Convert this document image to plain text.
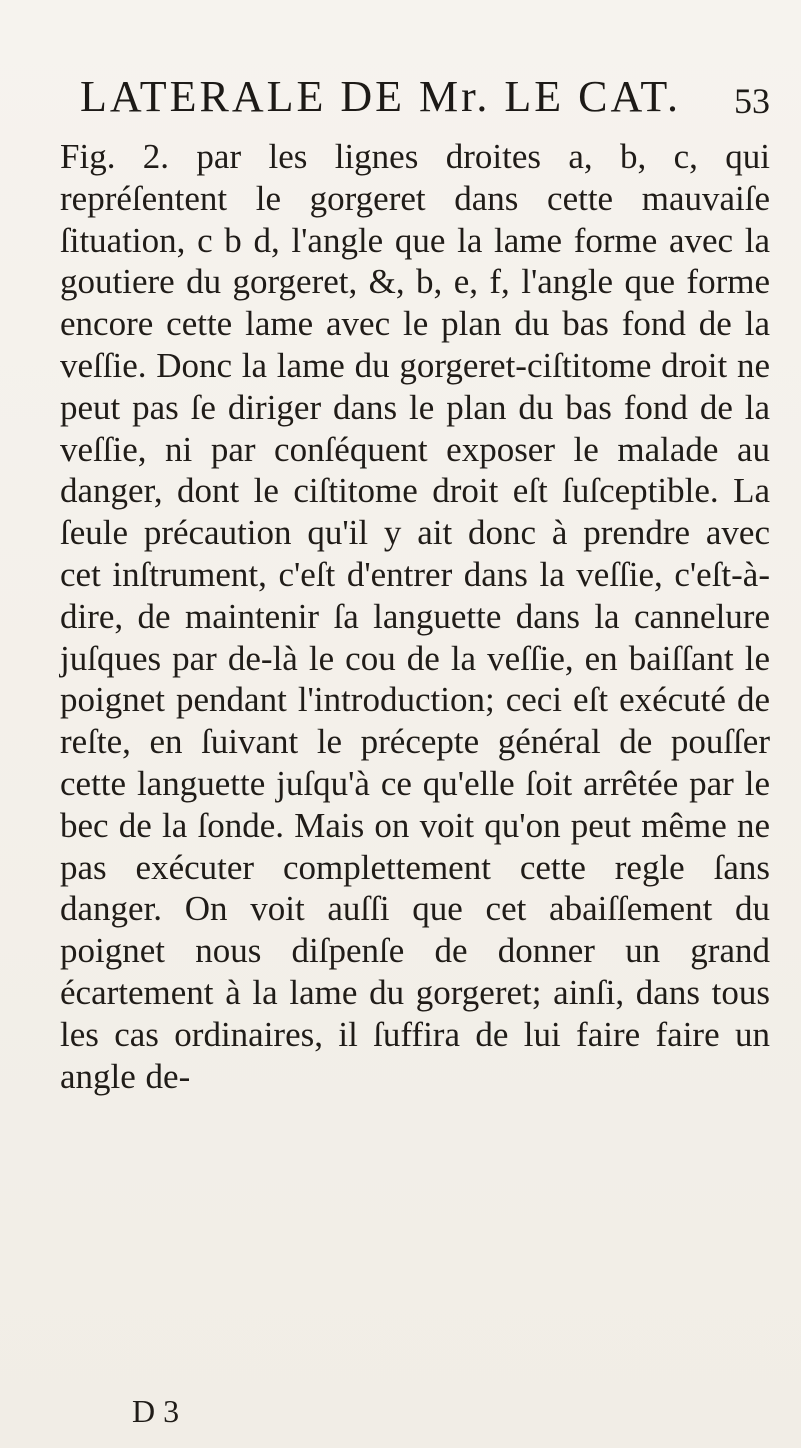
LATERALE DE Mr. LE CAT. 53

Fig. 2. par les lignes droites a, b, c, qui repréſentent le gorgeret dans cette mauvaiſe ſituation, c b d, l'angle que la lame forme avec la goutiere du gorgeret, &, b, e, f, l'angle que forme encore cette lame avec le plan du bas fond de la veſſie. Donc la lame du gorgeret-ciſtitome droit ne peut pas ſe diriger dans le plan du bas fond de la veſſie, ni par conſéquent exposer le malade au danger, dont le ciſtitome droit eſt ſuſceptible. La ſeule précaution qu'il y ait donc à prendre avec cet inſtrument, c'eſt d'entrer dans la veſſie, c'eſt-à-dire, de maintenir ſa languette dans la cannelure juſques par de-là le cou de la veſſie, en baiſſant le poignet pendant l'introduction; ceci eſt exécuté de reſte, en ſuivant le précepte général de pouſſer cette languette juſqu'à ce qu'elle ſoit arrêtée par le bec de la ſonde. Mais on voit qu'on peut même ne pas exécuter complettement cette regle ſans danger. On voit auſſi que cet abaiſſement du poignet nous diſpenſe de donner un grand écartement à la lame du gorgeret; ainſi, dans tous les cas ordinaires, il ſuffira de lui faire faire un angle de-

D 3
